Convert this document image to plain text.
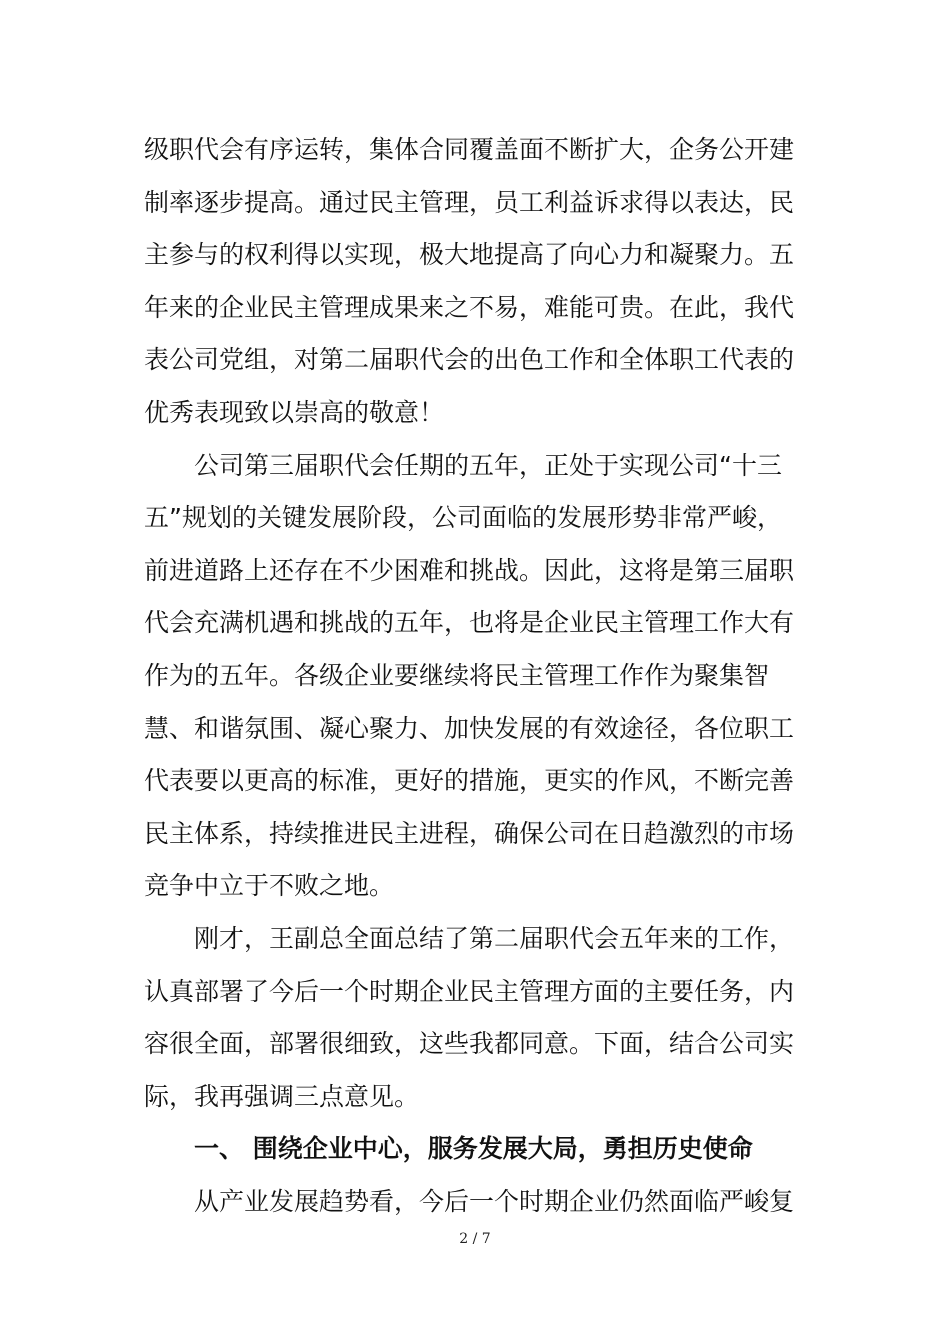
级职代会有序运转，集体合同覆盖面不断扩大，企务公开建
制率逐步提高。通过民主管理，员工利益诉求得以表达，民
主参与的权利得以实现，极大地提高了向心力和凝聚力。五
年来的企业民主管理成果来之不易，难能可贵。在此，我代
表公司党组，对第二届职代会的出色工作和全体职工代表的
优秀表现致以崇高的敬意！
公司第三届职代会任期的五年，正处于实现公司“十三
五”规划的关键发展阶段，公司面临的发展形势非常严峻，
前进道路上还存在不少困难和挑战。因此，这将是第三届职
代会充满机遇和挑战的五年，也将是企业民主管理工作大有
作为的五年。各级企业要继续将民主管理工作作为聚集智
慧、和谐氛围、凝心聚力、加快发展的有效途径，各位职工
代表要以更高的标准，更好的措施，更实的作风，不断完善
民主体系，持续推进民主进程，确保公司在日趋激烈的市场
竞争中立于不败之地。
刚才，王副总全面总结了第二届职代会五年来的工作，
认真部署了今后一个时期企业民主管理方面的主要任务，内
容很全面，部署很细致，这些我都同意。下面，结合公司实
际，我再强调三点意见。
一、 围绕企业中心，服务发展大局，勇担历史使命
从产业发展趋势看，今后一个时期企业仍然面临严峻复
2 / 7
